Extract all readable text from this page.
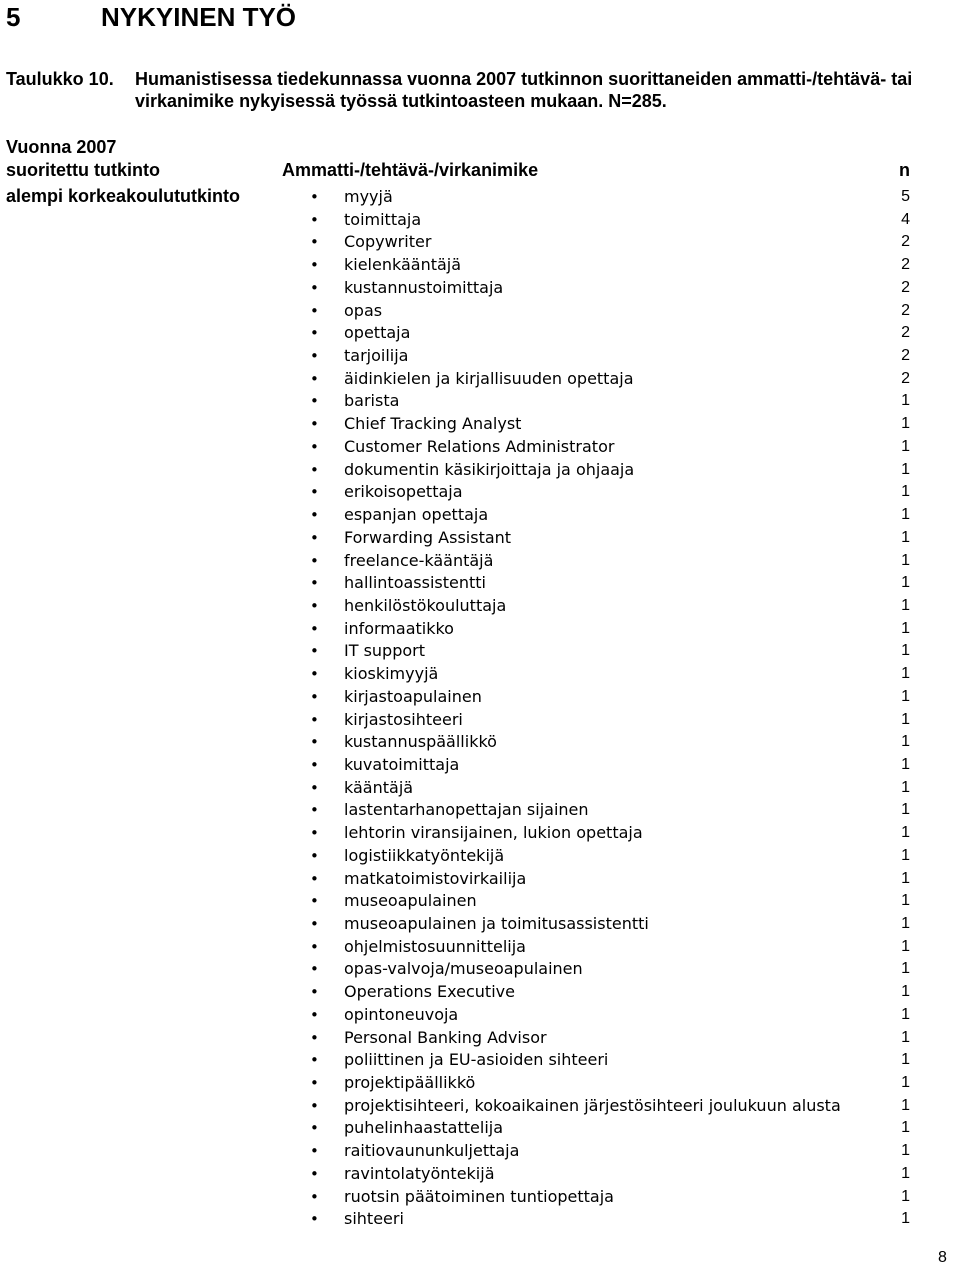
5	NYKYINEN TYÖ
Taulukko 10. Humanistisessa tiedekunnassa vuonna 2007 tutkinnon suorittaneiden ammatti-/tehtävä- tai virkanimike nykyisessä työssä tutkintoasteen mukaan. N=285.
Vuonna 2007
suoritettu tutkinto	Ammatti-/tehtävä-/virkanimike	n
alempi korkeakoulututkinto	• myyjä	5
• toimittaja	4
• Copywriter	2
• kielenkääntäjä	2
• kustannustoimittaja	2
• opas	2
• opettaja	2
• tarjoilija	2
• äidinkielen ja kirjallisuuden opettaja	2
• barista	1
• Chief Tracking Analyst	1
• Customer Relations Administrator	1
• dokumentin käsikirjoittaja ja ohjaaja	1
• erikoisopettaja	1
• espanjan opettaja	1
• Forwarding Assistant	1
• freelance-kääntäjä	1
• hallintoassistentti	1
• henkilöstökouluttaja	1
• informaatikko	1
• IT support	1
• kioskimyyjä	1
• kirjastoapulainen	1
• kirjastosihteeri	1
• kustannuspäällikkö	1
• kuvatoimittaja	1
• kääntäjä	1
• lastentarhanopettajan sijainen	1
• lehtorin viransijainen, lukion opettaja	1
• logistiikkatyöntekijä	1
• matkatoimistovirkailija	1
• museoapulainen	1
• museoapulainen ja toimitusassistentti	1
• ohjelmistosuunnittelija	1
• opas-valvoja/museoapulainen	1
• Operations Executive	1
• opintoneuvoja	1
• Personal Banking Advisor	1
• poliittinen ja EU-asioiden sihteeri	1
• projektipäällikkö	1
• projektisihteeri, kokoaikainen järjestösihteeri joulukuun alusta	1
• puhelinhaastattelija	1
• raitiovaununkuljettaja	1
• ravintolatyöntekijä	1
• ruotsin päätoiminen tuntiopettaja	1
• sihteeri	1
8
